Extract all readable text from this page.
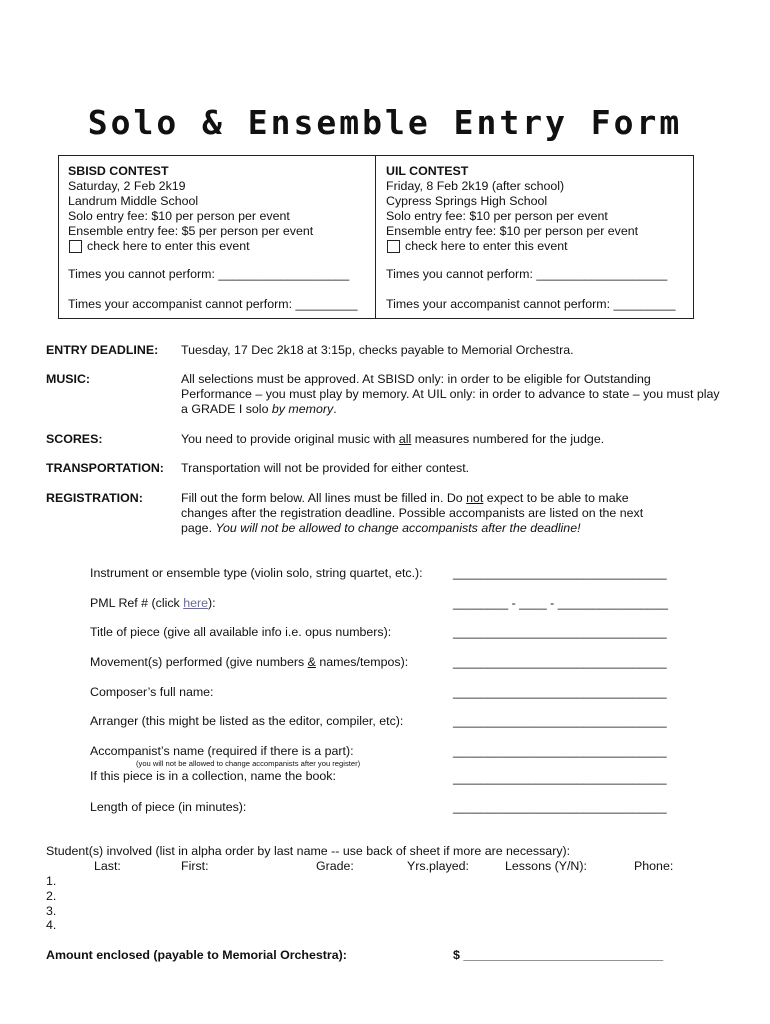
Solo & Ensemble Entry Form
SBISD CONTEST
Saturday, 2 Feb 2k19
Landrum Middle School
Solo entry fee: $10 per person per event
Ensemble entry fee: $5 per person per event
check here to enter this event
Times you cannot perform: ___________________
Times your accompanist cannot perform: _________
UIL CONTEST
Friday, 8 Feb 2k19 (after school)
Cypress Springs High School
Solo entry fee: $10 per person per event
Ensemble entry fee: $10 per person per event
check here to enter this event
Times you cannot perform: ___________________
Times your accompanist cannot perform: _________
ENTRY DEADLINE: Tuesday, 17 Dec 2k18 at 3:15p, checks payable to Memorial Orchestra.
MUSIC:	All selections must be approved. At SBISD only: in order to be eligible for Outstanding Performance – you must play by memory. At UIL only: in order to advance to state – you must play a GRADE I solo by memory.
SCORES:	You need to provide original music with all measures numbered for the judge.
TRANSPORTATION: Transportation will not be provided for either contest.
REGISTRATION:	Fill out the form below. All lines must be filled in. Do not expect to be able to make changes after the registration deadline. Possible accompanists are listed on the next page. You will not be allowed to change accompanists after the deadline!
Instrument or ensemble type (violin solo, string quartet, etc.): _______________________________
PML Ref # (click here):	________ - ____ - ________________
Title of piece (give all available info i.e. opus numbers):	_______________________________
Movement(s) performed (give numbers & names/tempos):	_______________________________
Composer’s full name:	_______________________________
Arranger (this might be listed as the editor, compiler, etc):	_______________________________
Accompanist’s name (required if there is a part):
(you will not be allowed to change accompanists after you register)
_______________________________
If this piece is in a collection, name the book:	_______________________________
Length of piece (in minutes):	_______________________________
Student(s) involved (list in alpha order by last name -- use back of sheet if more are necessary):
Last:	First:	Grade:	Yrs.played:	Lessons (Y/N):	Phone:
1.
2.
3.
4.
Amount enclosed (payable to Memorial Orchestra):	$ _____________________________
